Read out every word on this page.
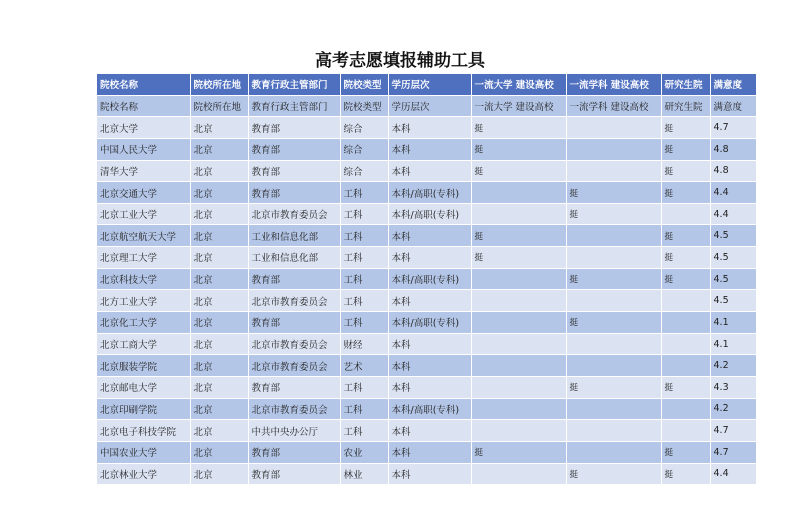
高考志愿填报辅助工具
院校名称	院校所在地	教育行政主管部门	院校类型	学历层次	一流大学 建设高校	一流学科 建设高校	研究生院	满意度
院校名称	院校所在地	教育行政主管部门	院校类型	学历层次	一流大学 建设高校	一流学科 建设高校	研究生院	满意度
北京大学	北京	教育部	综合	本科	挺		挺	4.7
中国人民大学	北京	教育部	综合	本科	挺		挺	4.8
清华大学	北京	教育部	综合	本科	挺		挺	4.8
北京交通大学	北京	教育部	工科	本科/高职(专科)		挺	挺	4.4
北京工业大学	北京	北京市教育委员会	工科	本科/高职(专科)		挺		4.4
北京航空航天大学	北京	工业和信息化部	工科	本科	挺		挺	4.5
北京理工大学	北京	工业和信息化部	工科	本科	挺		挺	4.5
北京科技大学	北京	教育部	工科	本科/高职(专科)		挺	挺	4.5
北方工业大学	北京	北京市教育委员会	工科	本科				4.5
北京化工大学	北京	教育部	工科	本科/高职(专科)		挺		4.1
北京工商大学	北京	北京市教育委员会	财经	本科				4.1
北京服装学院	北京	北京市教育委员会	艺术	本科				4.2
北京邮电大学	北京	教育部	工科	本科		挺	挺	4.3
北京印刷学院	北京	北京市教育委员会	工科	本科/高职(专科)				4.2
北京电子科技学院	北京	中共中央办公厅	工科	本科				4.7
中国农业大学	北京	教育部	农业	本科	挺		挺	4.7
北京林业大学	北京	教育部	林业	本科		挺	挺	4.4
